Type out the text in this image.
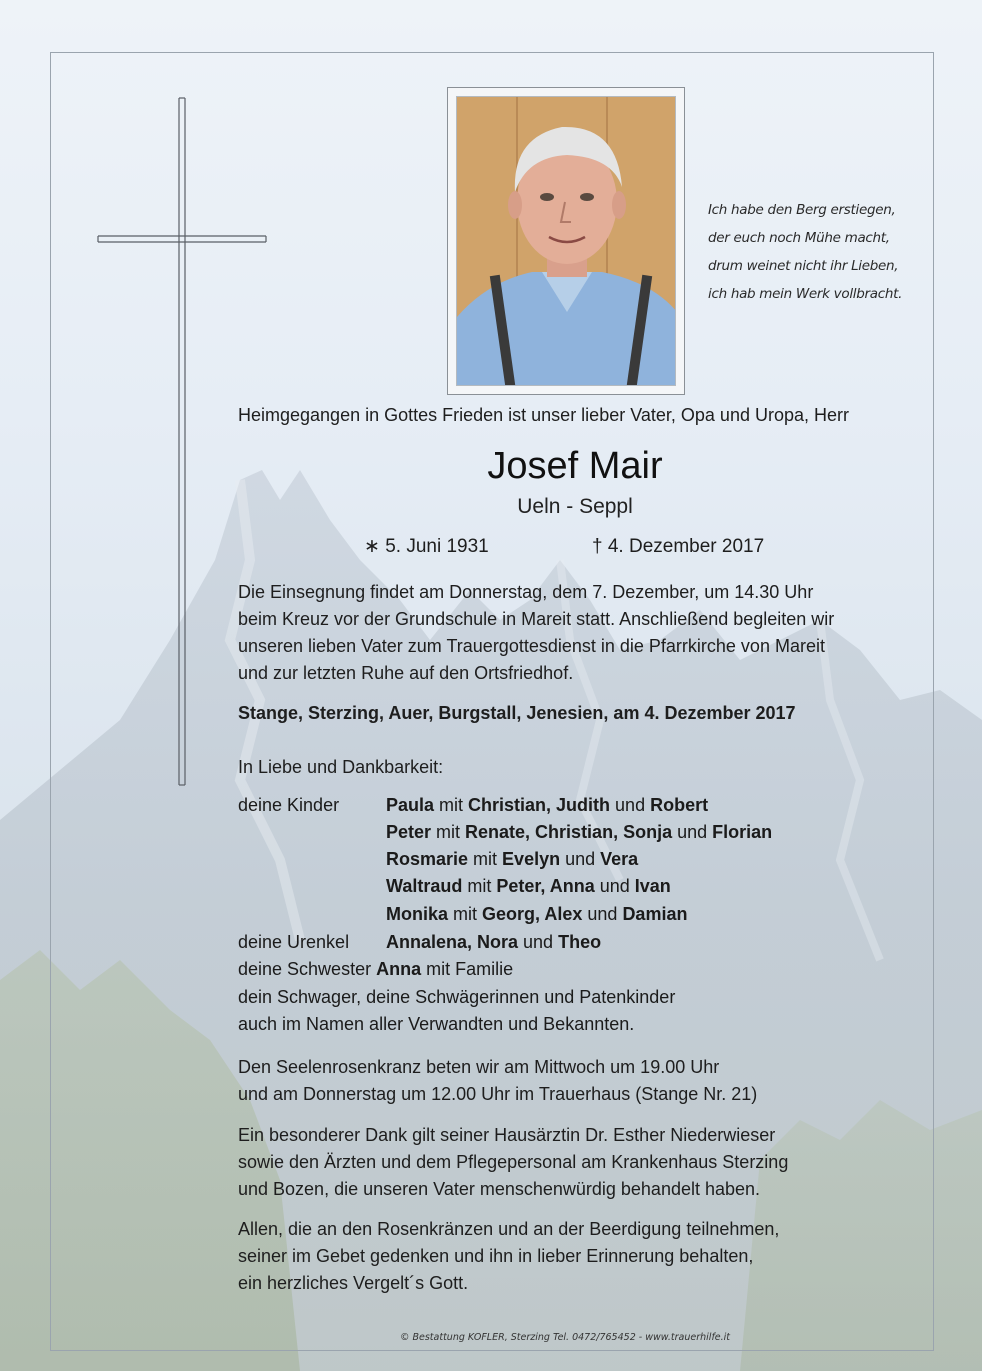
Ich habe den Berg erstiegen,
der euch noch Mühe macht,
drum weinet nicht ihr Lieben,
ich hab mein Werk vollbracht.
Heimgegangen in Gottes Frieden ist unser lieber Vater, Opa und Uropa, Herr
Josef Mair
Ueln - Seppl
∗ 5. Juni 1931	† 4. Dezember 2017
Die Einsegnung findet am Donnerstag, dem 7. Dezember, um 14.30 Uhr
beim Kreuz vor der Grundschule in Mareit statt. Anschließend begleiten wir
unseren lieben Vater zum Trauergottesdienst in die Pfarrkirche von Mareit
und zur letzten Ruhe auf den Ortsfriedhof.
Stange, Sterzing, Auer, Burgstall, Jenesien, am 4. Dezember 2017
In Liebe und Dankbarkeit:
deine Kinder	Paula mit Christian, Judith und Robert
Peter mit Renate, Christian, Sonja und Florian
Rosmarie mit Evelyn und Vera
Waltraud mit Peter, Anna und Ivan
Monika mit Georg, Alex und Damian
deine Urenkel Annalena, Nora und Theo
deine Schwester Anna mit Familie
dein Schwager, deine Schwägerinnen und Patenkinder
auch im Namen aller Verwandten und Bekannten.
Den Seelenrosenkranz beten wir am Mittwoch um 19.00 Uhr
und am Donnerstag um 12.00 Uhr im Trauerhaus (Stange Nr. 21)
Ein besonderer Dank gilt seiner Hausärztin Dr. Esther Niederwieser
sowie den Ärzten und dem Pflegepersonal am Krankenhaus Sterzing
und Bozen, die unseren Vater menschenwürdig behandelt haben.
Allen, die an den Rosenkränzen und an der Beerdigung teilnehmen,
seiner im Gebet gedenken und ihn in lieber Erinnerung behalten,
ein herzliches Vergelt´s Gott.
© Bestattung KOFLER, Sterzing Tel. 0472/765452 - www.trauerhilfe.it
